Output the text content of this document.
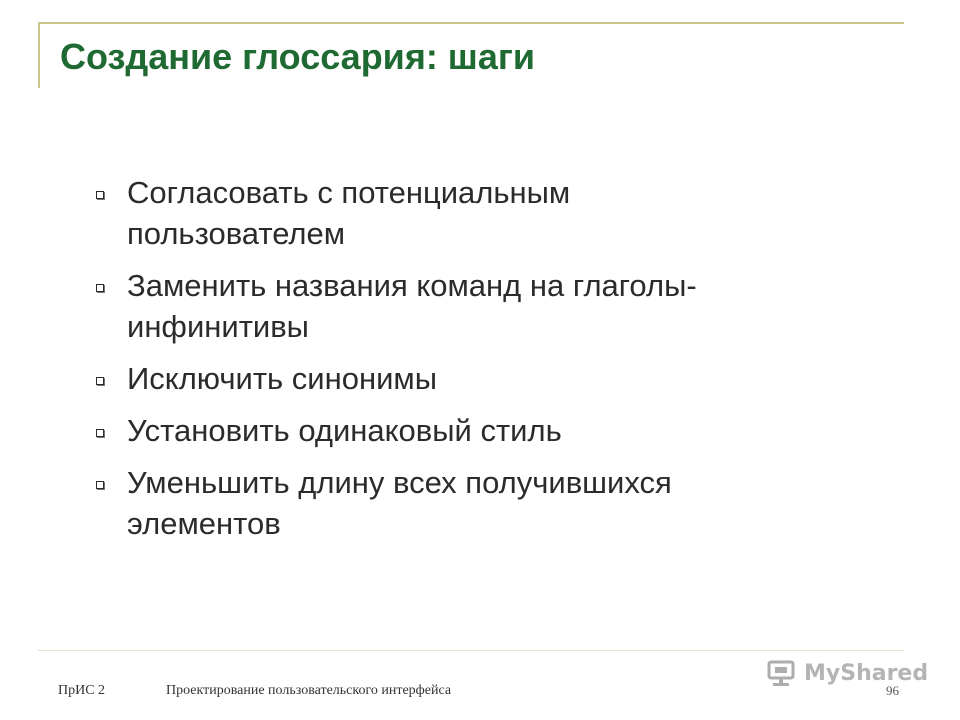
Создание глоссария: шаги
Согласовать с потенциальным пользователем
Заменить названия команд на глаголы-инфинитивы
Исключить синонимы
Установить одинаковый стиль
Уменьшить длину всех получившихся элементов
MyShared
ПрИС 2	Проектирование пользовательского интерфейса	96
